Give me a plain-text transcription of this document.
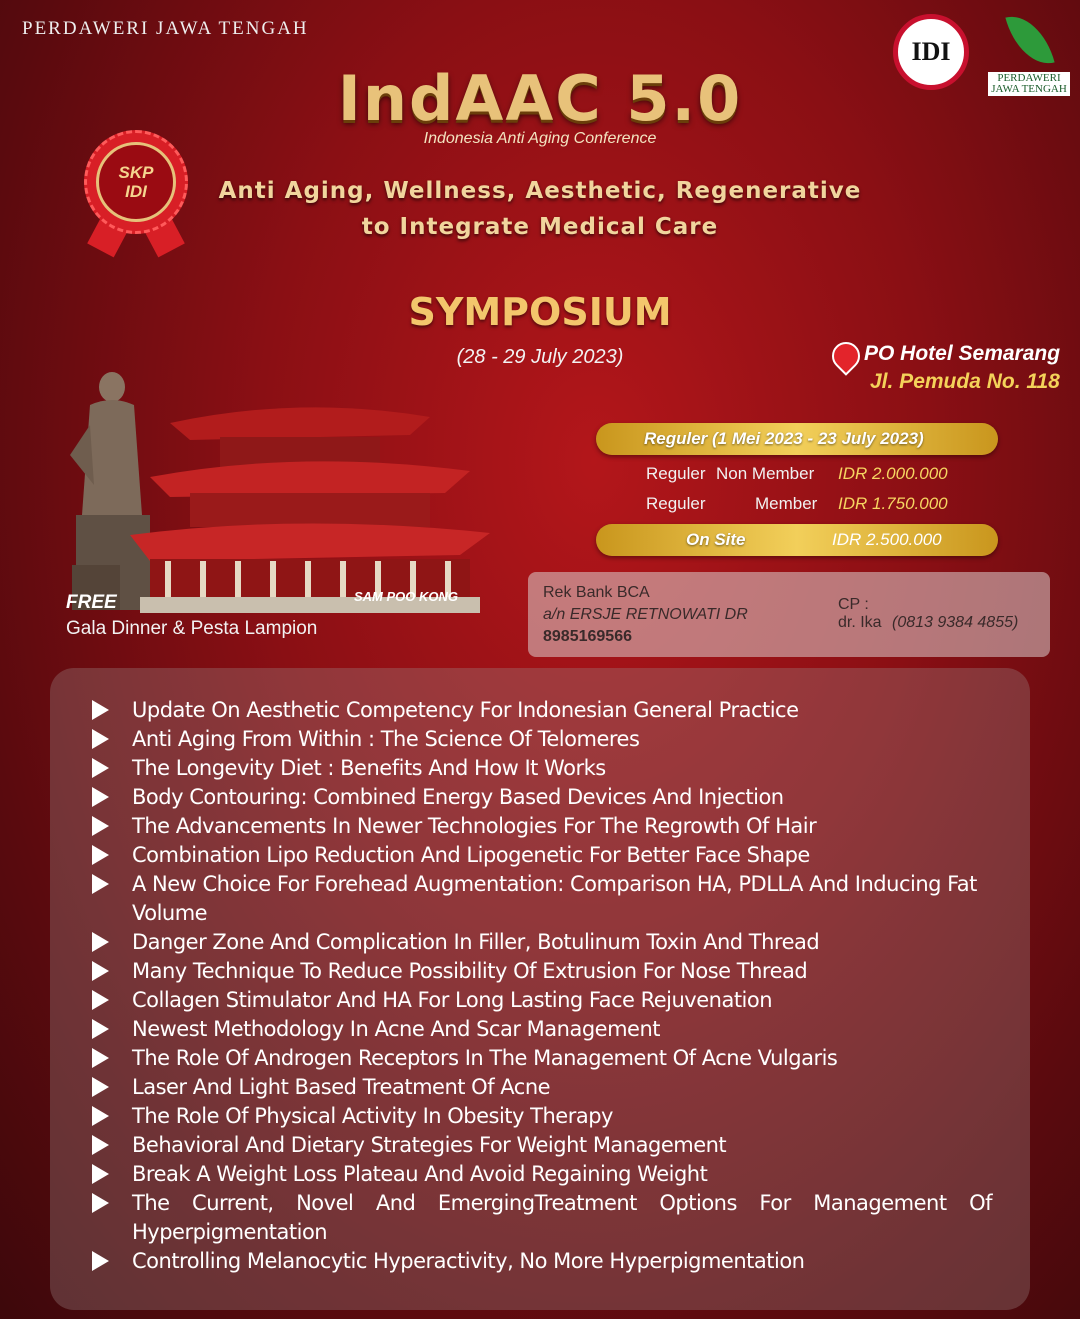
PERDAWERI JAWA TENGAH
IDI
PERDAWERI JAWA TENGAH
SKP
IDI
IndAAC 5.0
Indonesia Anti Aging Conference
Anti Aging, Wellness, Aesthetic, Regenerative
to Integrate Medical Care
SYMPOSIUM
(28 - 29 July 2023)	PO Hotel Semarang
Jl. Pemuda No. 118
SAM POO KONG
FREE
Gala Dinner & Pesta Lampion
Reguler (1 Mei 2023 - 23 July 2023)
Reguler Non Member IDR 2.000.000
Reguler	Member IDR 1.750.000
On Site	IDR 2.500.000
Rek Bank BCA
a/n ERSJE RETNOWATI DR
8985169566
CP :
dr. Ika (0813 9384 4855)
Update On Aesthetic Competency For Indonesian General Practice
Anti Aging From Within : The Science Of Telomeres
The Longevity Diet : Benefits And How It Works
Body Contouring: Combined Energy Based Devices And Injection
The Advancements In Newer Technologies For The Regrowth Of Hair
Combination Lipo Reduction And Lipogenetic For Better Face Shape
A New Choice For Forehead Augmentation: Comparison HA, PDLLA And Inducing Fat Volume
Danger Zone And Complication In Filler, Botulinum Toxin And Thread
Many Technique To Reduce Possibility Of Extrusion For Nose Thread
Collagen Stimulator And HA For Long Lasting Face Rejuvenation
Newest Methodology In Acne And Scar Management
The Role Of Androgen Receptors In The Management Of Acne Vulgaris
Laser And Light Based Treatment Of Acne
The Role Of Physical Activity In Obesity Therapy
Behavioral And Dietary Strategies For Weight Management
Break A Weight Loss Plateau And Avoid Regaining Weight
The Current, Novel And EmergingTreatment Options For Management Of Hyperpigmentation
Controlling Melanocytic Hyperactivity, No More Hyperpigmentation
